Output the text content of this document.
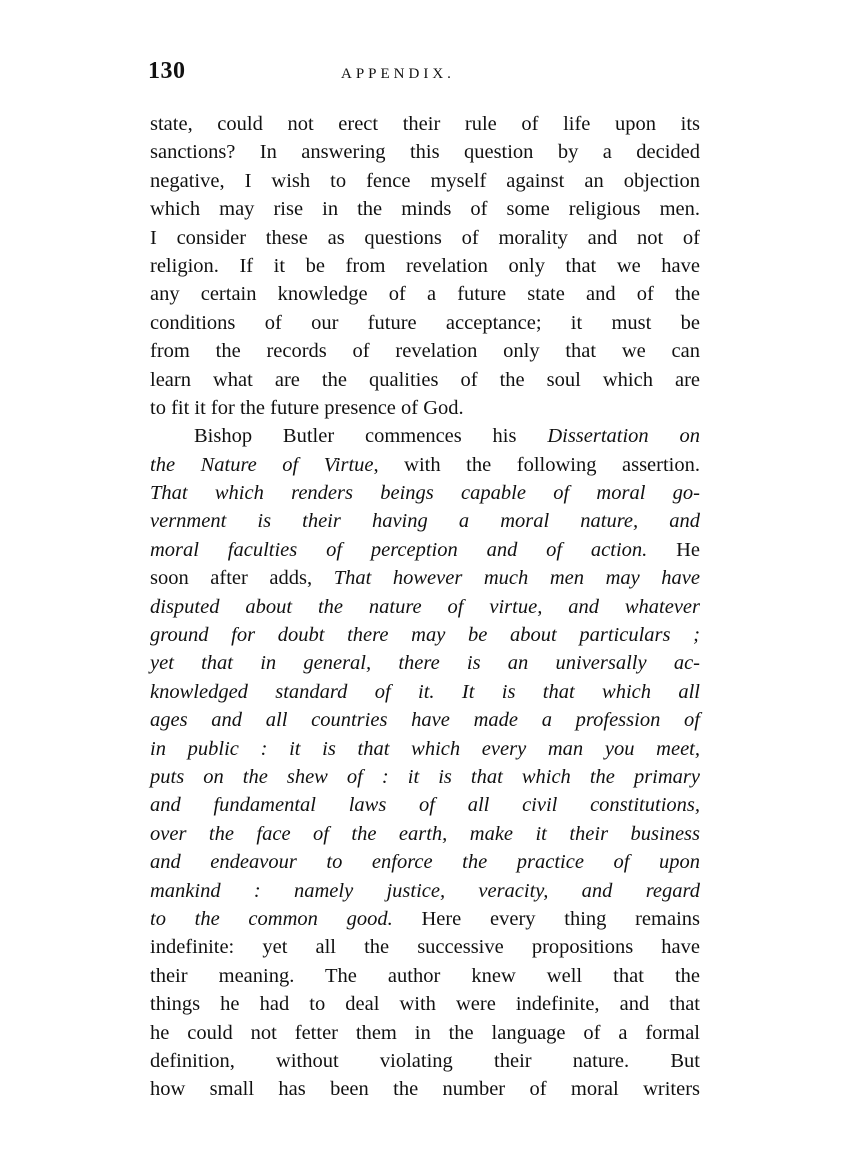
130	APPENDIX.
state, could not erect their rule of life upon its
sanctions? In answering this question by a decided
negative, I wish to fence myself against an objection
which may rise in the minds of some religious men.
I consider these as questions of morality and not of
religion. If it be from revelation only that we have
any certain knowledge of a future state and of the
conditions of our future acceptance; it must be
from the records of revelation only that we can
learn what are the qualities of the soul which are
to fit it for the future presence of God.
Bishop Butler commences his Dissertation on
the Nature of Virtue, with the following assertion.
That which renders beings capable of moral go-
vernment is their having a moral nature, and
moral faculties of perception and of action. He
soon after adds, That however much men may have
disputed about the nature of virtue, and whatever
ground for doubt there may be about particulars ;
yet that in general, there is an universally ac-
knowledged standard of it. It is that which all
ages and all countries have made a profession of
in public : it is that which every man you meet,
puts on the shew of : it is that which the primary
and fundamental laws of all civil constitutions,
over the face of the earth, make it their business
and endeavour to enforce the practice of upon
mankind : namely justice, veracity, and regard
to the common good. Here every thing remains
indefinite: yet all the successive propositions have
their meaning. The author knew well that the
things he had to deal with were indefinite, and that
he could not fetter them in the language of a formal
definition, without violating their nature. But
how small has been the number of moral writers
